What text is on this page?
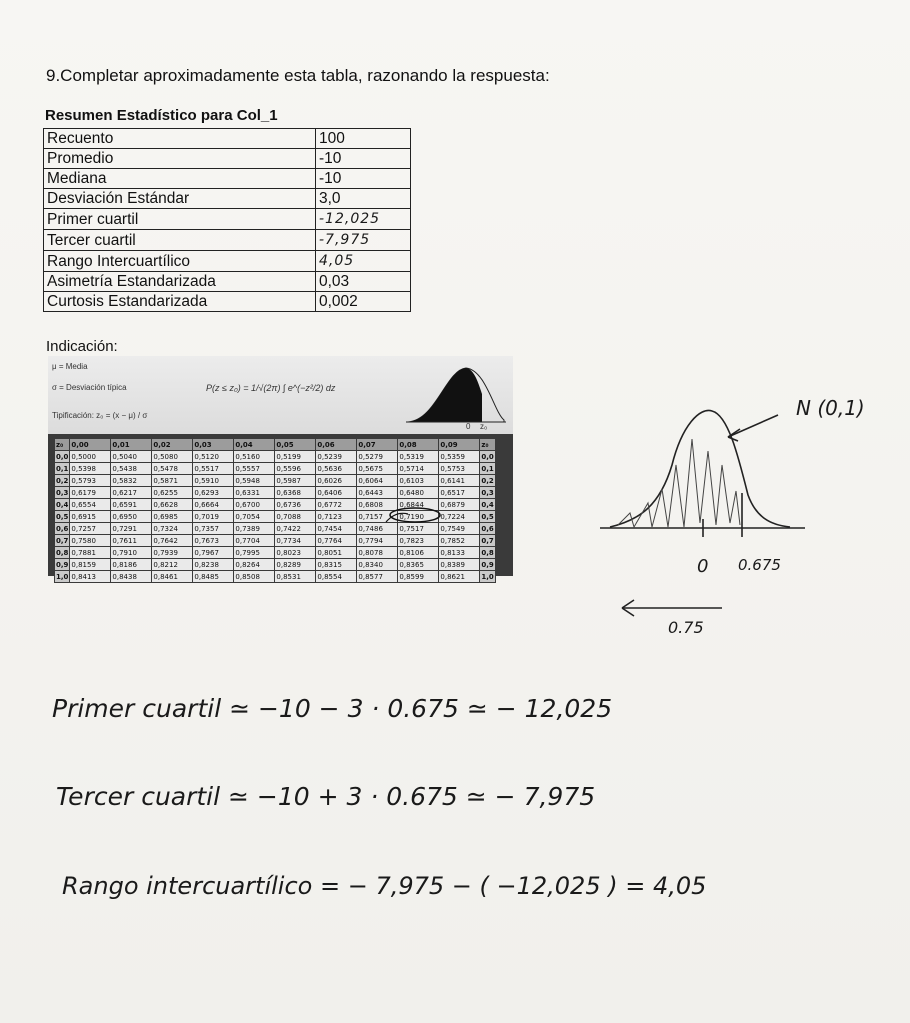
9.Completar aproximadamente esta tabla, razonando la respuesta:
Resumen Estadístico para Col_1
Recuento	100
Promedio	-10
Mediana	-10
Desviación Estándar	3,0
Primer cuartil	-12,025
Tercer cuartil	-7,975
Rango Intercuartílico	4,05
Asimetría Estandarizada	0,03
Curtosis Estandarizada	0,002
Indicación:
μ = Media
σ = Desviación típica
Tipificación: z₀ = (x − μ) / σ
P(z ≤ z₀) = 1/√(2π) ∫ e^(−z²/2) dz
0 z₀
z₀	0,00	0,01	0,02	0,03	0,04	0,05	0,06	0,07	0,08	0,09	z₀
0,0	0,5000	0,5040	0,5080	0,5120	0,5160	0,5199	0,5239	0,5279	0,5319	0,5359	0,0
0,1	0,5398	0,5438	0,5478	0,5517	0,5557	0,5596	0,5636	0,5675	0,5714	0,5753	0,1
0,2	0,5793	0,5832	0,5871	0,5910	0,5948	0,5987	0,6026	0,6064	0,6103	0,6141	0,2
0,3	0,6179	0,6217	0,6255	0,6293	0,6331	0,6368	0,6406	0,6443	0,6480	0,6517	0,3
0,4	0,6554	0,6591	0,6628	0,6664	0,6700	0,6736	0,6772	0,6808	0,6844	0,6879	0,4
0,5	0,6915	0,6950	0,6985	0,7019	0,7054	0,7088	0,7123	0,7157	0,7190	0,7224	0,5
0,6	0,7257	0,7291	0,7324	0,7357	0,7389	0,7422	0,7454	0,7486	0,7517	0,7549	0,6
0,7	0,7580	0,7611	0,7642	0,7673	0,7704	0,7734	0,7764	0,7794	0,7823	0,7852	0,7
0,8	0,7881	0,7910	0,7939	0,7967	0,7995	0,8023	0,8051	0,8078	0,8106	0,8133	0,8
0,9	0,8159	0,8186	0,8212	0,8238	0,8264	0,8289	0,8315	0,8340	0,8365	0,8389	0,9
1,0	0,8413	0,8438	0,8461	0,8485	0,8508	0,8531	0,8554	0,8577	0,8599	0,8621	1,0
N (0,1)
0 0.675
0.75
Primer cuartil ≃ −10 − 3 · 0.675 ≃ − 12,025
Tercer cuartil ≃ −10 + 3 · 0.675 ≃ − 7,975
Rango intercuartílico = − 7,975 − ( −12,025 ) = 4,05
